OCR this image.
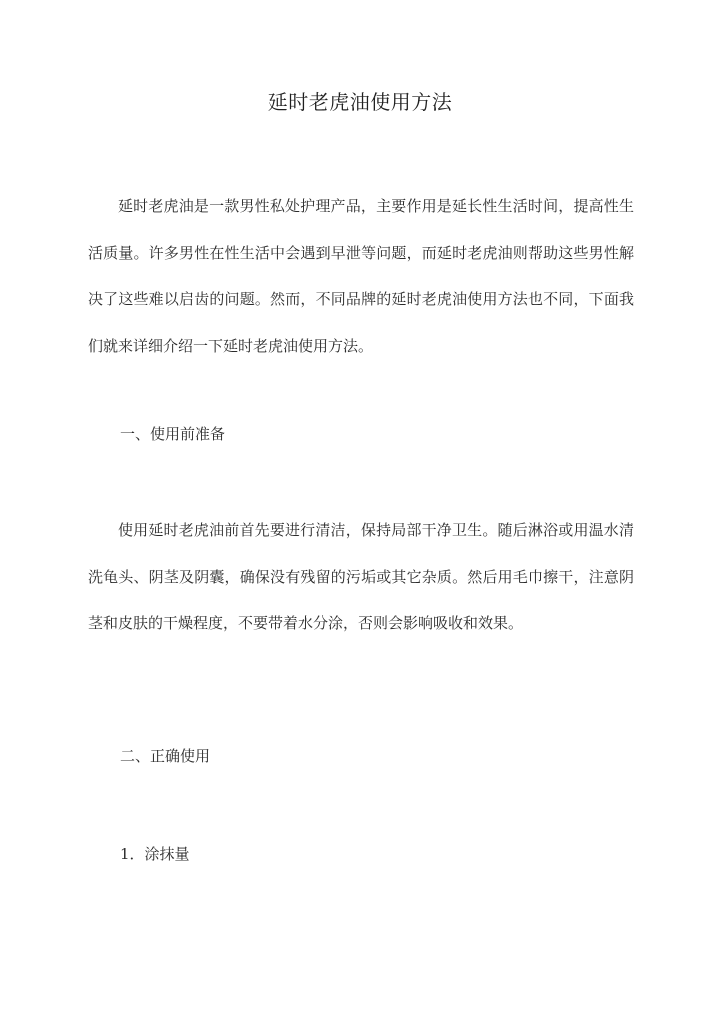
延时老虎油使用方法

延时老虎油是一款男性私处护理产品，主要作用是延长性生活时间，提高性生活质量。许多男性在性生活中会遇到早泄等问题，而延时老虎油则帮助这些男性解决了这些难以启齿的问题。然而，不同品牌的延时老虎油使用方法也不同，下面我们就来详细介绍一下延时老虎油使用方法。

一、使用前准备

使用延时老虎油前首先要进行清洁，保持局部干净卫生。随后淋浴或用温水清洗龟头、阴茎及阴囊，确保没有残留的污垢或其它杂质。然后用毛巾擦干，注意阴茎和皮肤的干燥程度，不要带着水分涂，否则会影响吸收和效果。

二、正确使用

1．涂抹量
